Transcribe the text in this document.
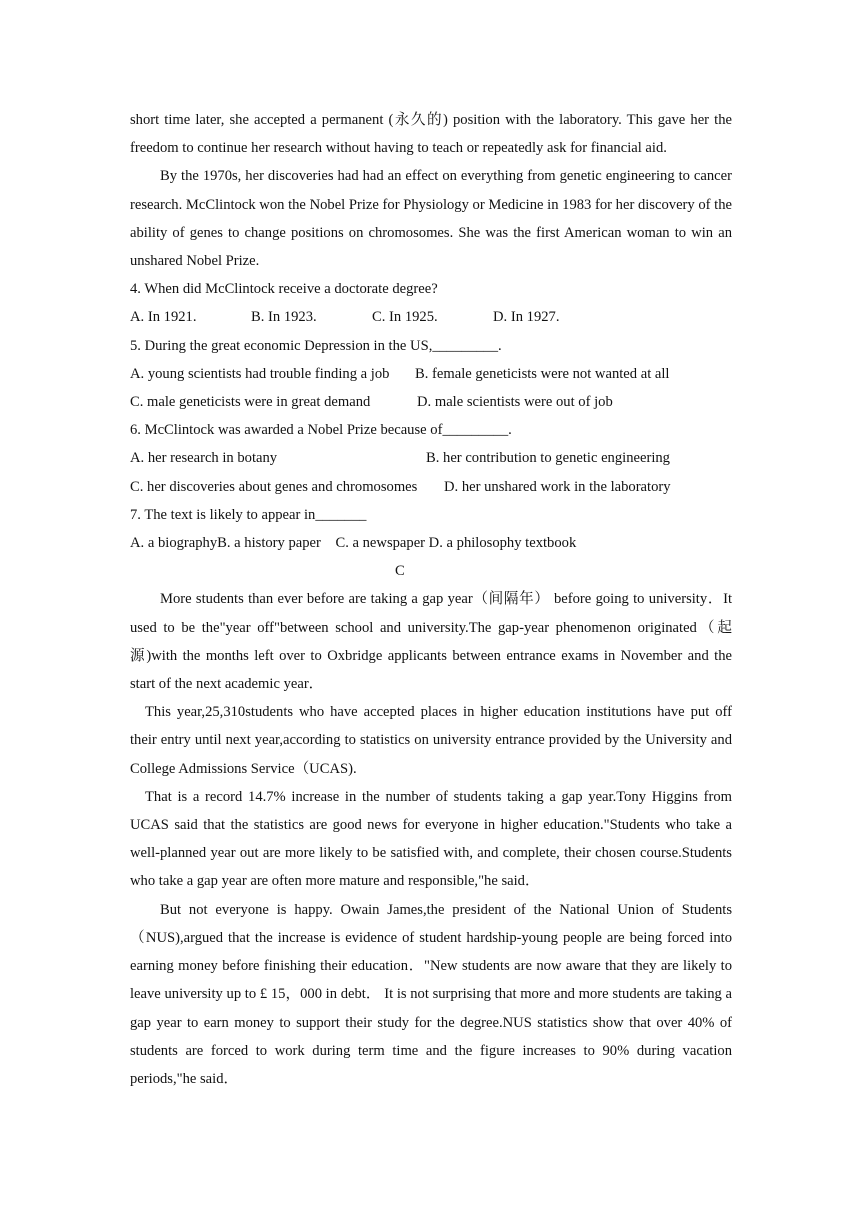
short time later, she accepted a permanent (永久的) position with the laboratory. This gave her the freedom to continue her research without having to teach or repeatedly ask for financial aid.

By the 1970s, her discoveries had had an effect on everything from genetic engineering to cancer research. McClintock won the Nobel Prize for Physiology or Medicine in 1983 for her discovery of the ability of genes to change positions on chromosomes. She was the first American woman to win an unshared Nobel Prize.

4. When did McClintock receive a doctorate degree?

A. In 1921.	B. In 1923.	C. In 1925.	D. In 1927.

5. During the great economic Depression in the US,_________.

A. young scientists had trouble finding a job	B. female geneticists were not wanted at all
C. male geneticists were in great demand	D. male scientists were out of job

6. McClintock was awarded a Nobel Prize because of_________.

A. her research in botany	B. her contribution to genetic engineering
C. her discoveries about genes and chromosomes	D. her unshared work in the laboratory

7. The text is likely to appear in_______

A. a biographyB. a history paper    C. a newspaper D. a philosophy textbook

C

More students than ever before are taking a gap year（间隔年） before going to university．It used to be the"year off"between school and university.The gap-year phenomenon originated（起源)with the months left over to Oxbridge applicants between entrance exams in November and the start of the next academic year．

This year,25,310students who have accepted places in higher education institutions have put off their entry until next year,according to statistics on university entrance provided by the University and College Admissions Service（UCAS).

That is a record 14.7% increase in the number of students taking a gap year.Tony Higgins from UCAS said that the statistics are good news for everyone in higher education."Students who take a well-planned year out are more likely to be satisfied with, and complete, their chosen course.Students who take a gap year are often more mature and responsible,"he said．

But not everyone is happy. Owain James,the president of the National Union of Students（NUS),argued that the increase is evidence of student hardship-young people are being forced into earning money before finishing their education．"New students are now aware that they are likely to leave university up to £ 15，000 in debt． It is not surprising that more and more students are taking a gap year to earn money to support their study for the degree.NUS statistics show that over 40% of students are forced to work during term time and the figure increases to 90% during vacation periods,"he said．
